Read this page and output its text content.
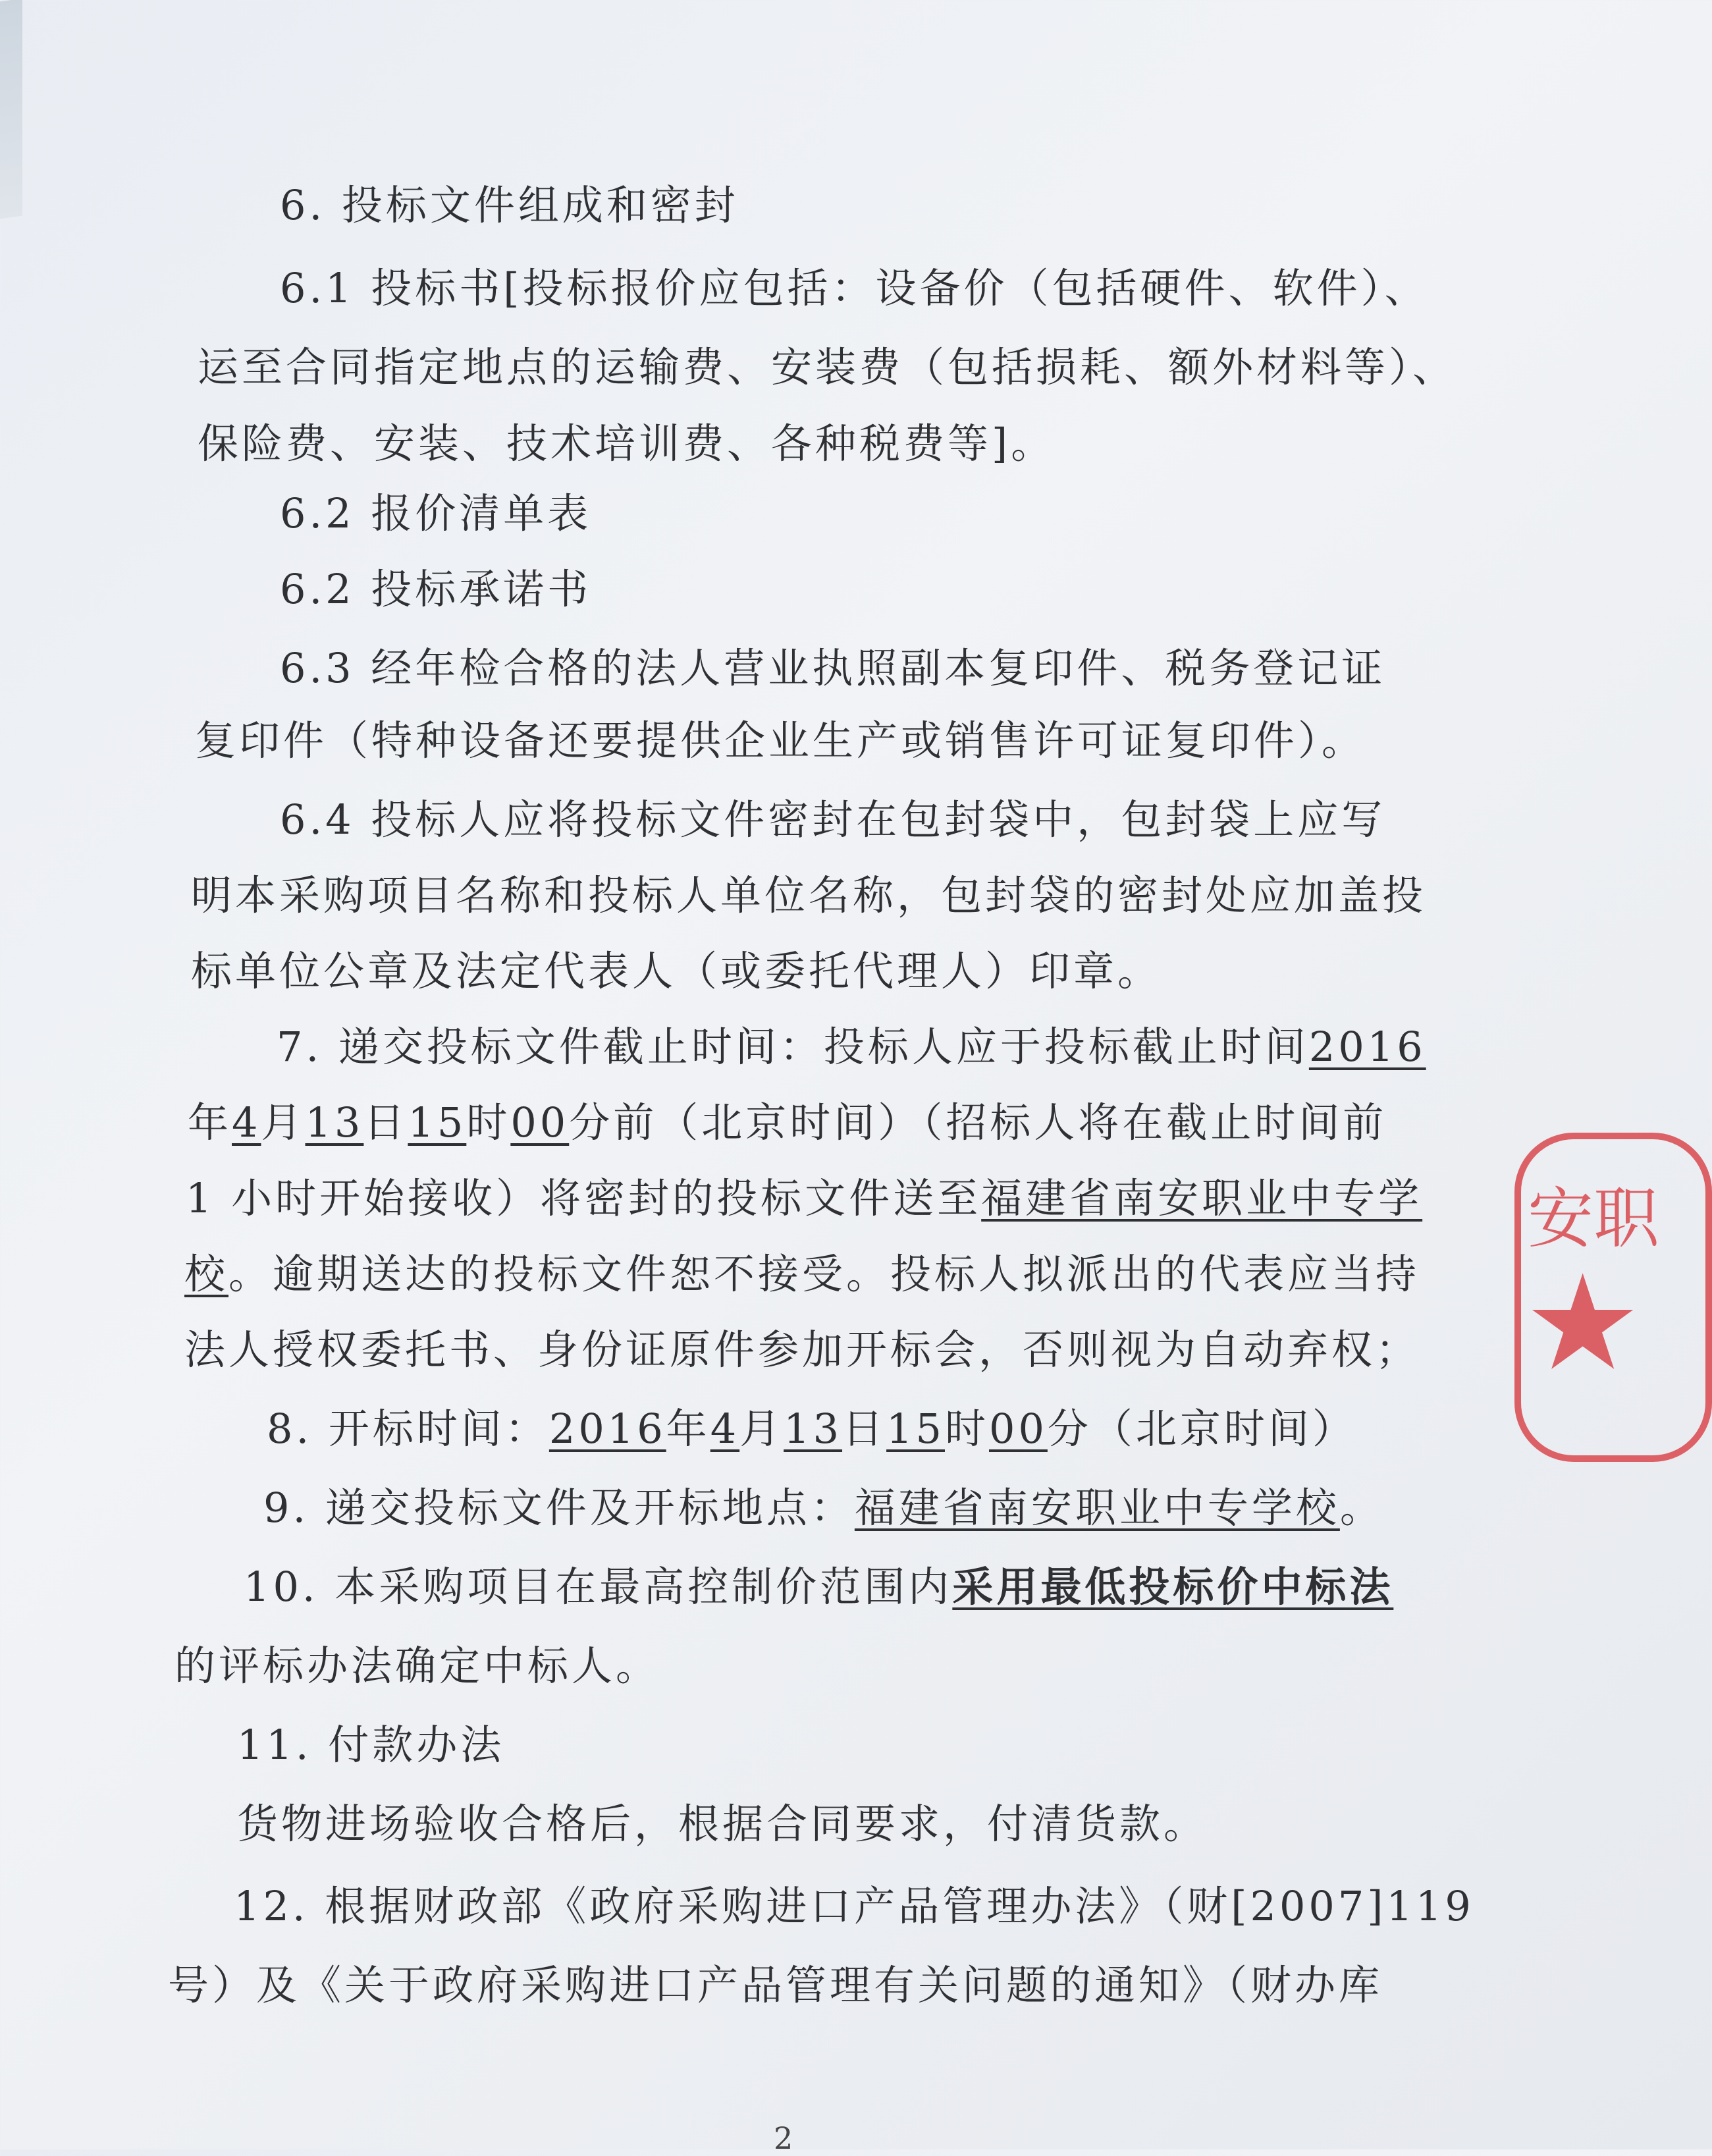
6. 投标文件组成和密封
6.1 投标书[投标报价应包括：设备价（包括硬件、软件）、
运至合同指定地点的运输费、安装费（包括损耗、额外材料等）、
保险费、安装、技术培训费、各种税费等]。
6.2 报价清单表
6.2 投标承诺书
6.3 经年检合格的法人营业执照副本复印件、税务登记证
复印件（特种设备还要提供企业生产或销售许可证复印件）。
6.4 投标人应将投标文件密封在包封袋中，包封袋上应写
明本采购项目名称和投标人单位名称，包封袋的密封处应加盖投
标单位公章及法定代表人（或委托代理人）印章。
7. 递交投标文件截止时间：投标人应于投标截止时间2016
年4月13日15时00分前（北京时间）（招标人将在截止时间前
1 小时开始接收）将密封的投标文件送至福建省南安职业中专学
校。逾期送达的投标文件恕不接受。投标人拟派出的代表应当持
法人授权委托书、身份证原件参加开标会，否则视为自动弃权；
8. 开标时间：2016年4月13日15时00分（北京时间）
9. 递交投标文件及开标地点：福建省南安职业中专学校。
10. 本采购项目在最高控制价范围内采用最低投标价中标法
的评标办法确定中标人。
11. 付款办法
货物进场验收合格后，根据合同要求，付清货款。
12. 根据财政部《政府采购进口产品管理办法》（财[2007]119
号）及《关于政府采购进口产品管理有关问题的通知》（财办库
安职
★
2
